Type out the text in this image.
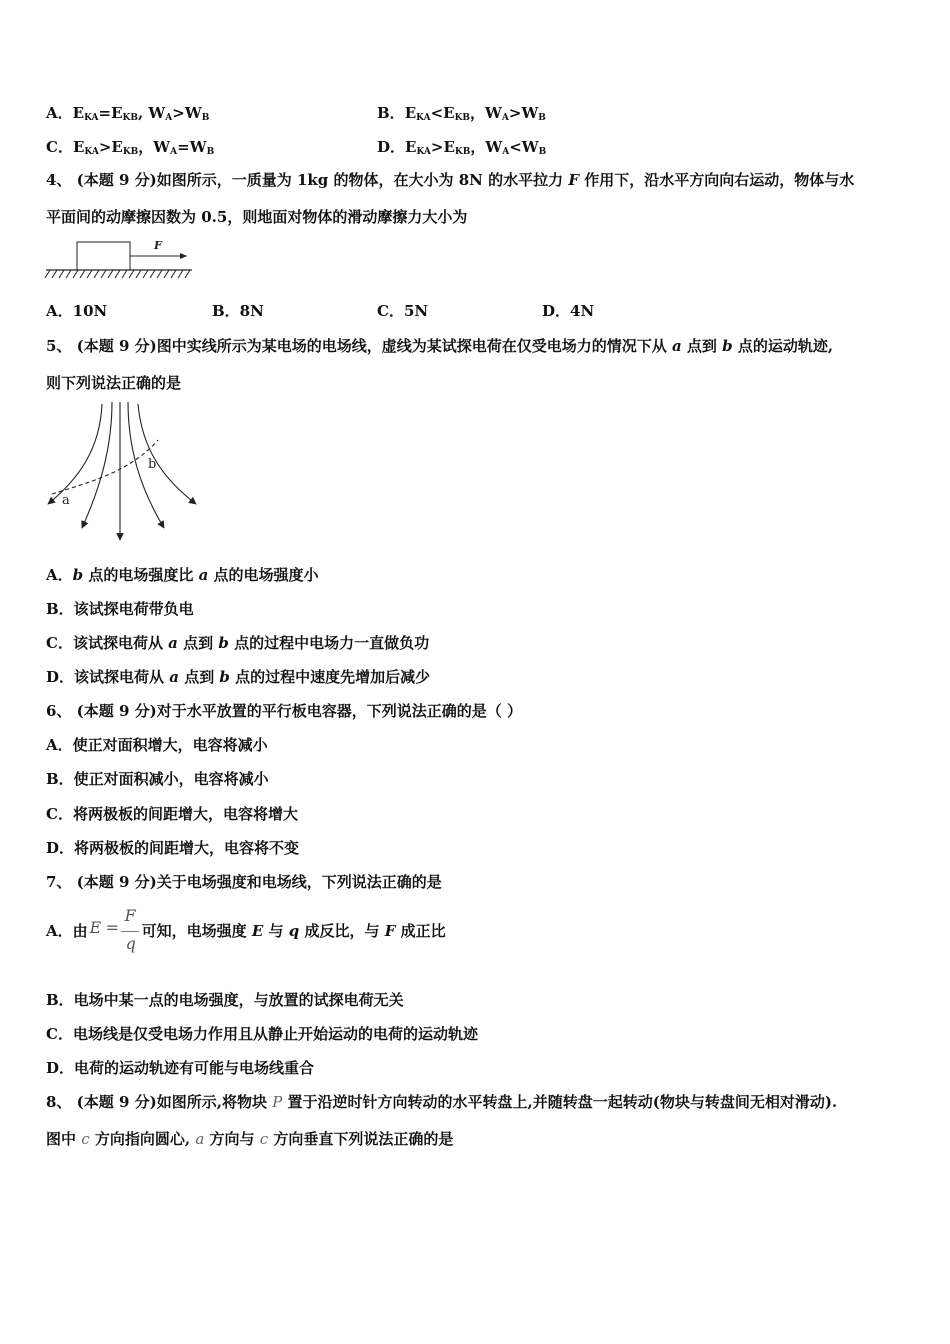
A．$E_{KA}=E_{KB}$, $W_A>W_B$	B．$E_{KA}<E_{KB}$，$W_A>W_B$
C．$E_{KA}>E_{KB}$，$W_A=W_B$	D．$E_{KA}>E_{KB}$，$W_A<W_B$
4、 (本题 9 分)如图所示，一质量为 1kg 的物体，在大小为 8N 的水平拉力 F 作用下，沿水平方向向右运动，物体与水
平面间的动摩擦因数为 0.5，则地面对物体的滑动摩擦力大小为
F
A．10N	B．8N	C．5N	D．4N
5、 (本题 9 分)图中实线所示为某电场的电场线，虚线为某试探电荷在仅受电场力的情况下从 a 点到 b 点的运动轨迹,
则下列说法正确的是
a
b
A．b 点的电场强度比 a 点的电场强度小
B．该试探电荷带负电
C．该试探电荷从 a 点到 b 点的过程中电场力一直做负功
D．该试探电荷从 a 点到 b 点的过程中速度先增加后减少
6、 (本题 9 分)对于水平放置的平行板电容器，下列说法正确的是（ ）
A．使正对面积增大，电容将减小
B．使正对面积减小，电容将减小
C．将两极板的间距增大，电容将增大
D．将两极板的间距增大，电容将不变
7、 (本题 9 分)关于电场强度和电场线，下列说法正确的是
A．由 E =
F
q
可知，电场强度 E 与 q 成反比，与 F 成正比
B．电场中某一点的电场强度，与放置的试探电荷无关
C．电场线是仅受电场力作用且从静止开始运动的电荷的运动轨迹
D．电荷的运动轨迹有可能与电场线重合
8、 (本题 9 分)如图所示,将物块 P 置于沿逆时针方向转动的水平转盘上,并随转盘一起转动(物块与转盘间无相对滑动).
图中 c 方向指向圆心, a 方向与 c 方向垂直下列说法正确的是
